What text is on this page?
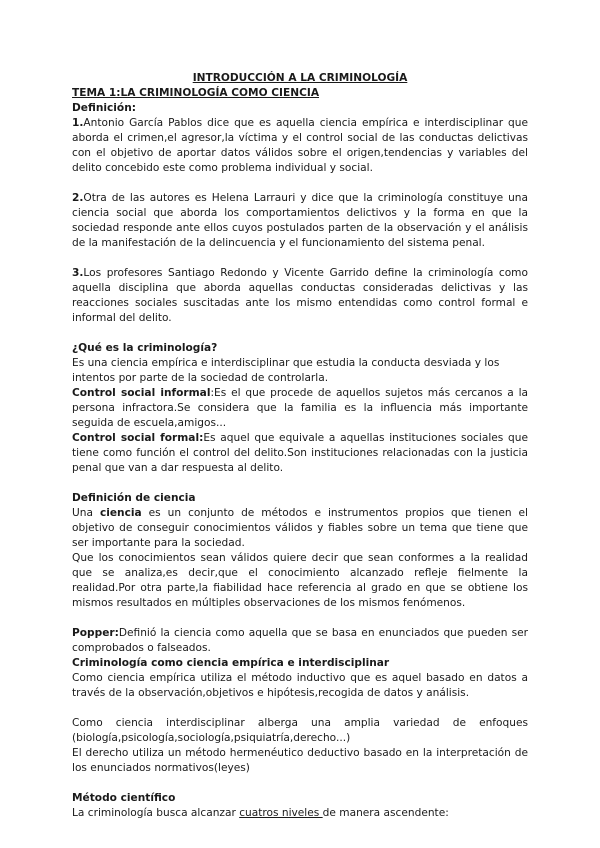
INTRODUCCIÓN A LA CRIMINOLOGÍA

TEMA 1:LA CRIMINOLOGÍA COMO CIENCIA

Definición:

1.Antonio García Pablos dice que es aquella ciencia empírica e interdisciplinar que aborda el crimen,el agresor,la víctima y el control social de las conductas delictivas con el objetivo de aportar datos válidos sobre el origen,tendencias y variables del delito concebido este como problema individual y social.

2.Otra de las autores es Helena Larrauri y dice que la criminología constituye una ciencia social que aborda los comportamientos delictivos y la forma en que la sociedad responde ante ellos cuyos postulados parten de la observación y el análisis de la manifestación de la delincuencia y el funcionamiento del sistema penal.

3.Los profesores Santiago Redondo y Vicente Garrido define la criminología como aquella disciplina que aborda aquellas conductas consideradas delictivas y las reacciones sociales suscitadas ante los mismo entendidas como control formal e informal del delito.

¿Qué es la criminología?

Es una ciencia empírica e interdisciplinar que estudia la conducta desviada y los intentos por parte de la sociedad de controlarla.

Control social informal:Es el que procede de aquellos sujetos más cercanos a la persona infractora.Se considera que la familia es la influencia más importante seguida de escuela,amigos...

Control social formal:Es aquel que equivale a aquellas instituciones sociales que tiene como función el control del delito.Son instituciones relacionadas con la justicia penal que van a dar respuesta al delito.

Definición de ciencia

Una ciencia es un conjunto de métodos e instrumentos propios que tienen el objetivo de conseguir conocimientos válidos y fiables sobre un tema que tiene que ser importante para la sociedad.

Que los conocimientos sean válidos quiere decir que sean conformes a la realidad que se analiza,es decir,que el conocimiento alcanzado refleje fielmente la realidad.Por otra parte,la fiabilidad hace referencia al grado en que se obtiene los mismos resultados en múltiples observaciones de los mismos fenómenos.

Popper:Definió la ciencia como aquella que se basa en enunciados que pueden ser comprobados o falseados.

Criminología como ciencia empírica e interdisciplinar

Como ciencia empírica utiliza el método inductivo que es aquel basado en datos a través de la observación,objetivos e hipótesis,recogida de datos y análisis.

Como ciencia interdisciplinar alberga una amplia variedad de enfoques (biología,psicología,sociología,psiquiatría,derecho...)

El derecho utiliza un método hermenéutico deductivo basado en la interpretación de los enunciados normativos(leyes)

Método científico

La criminología busca alcanzar cuatros niveles de manera ascendente:
